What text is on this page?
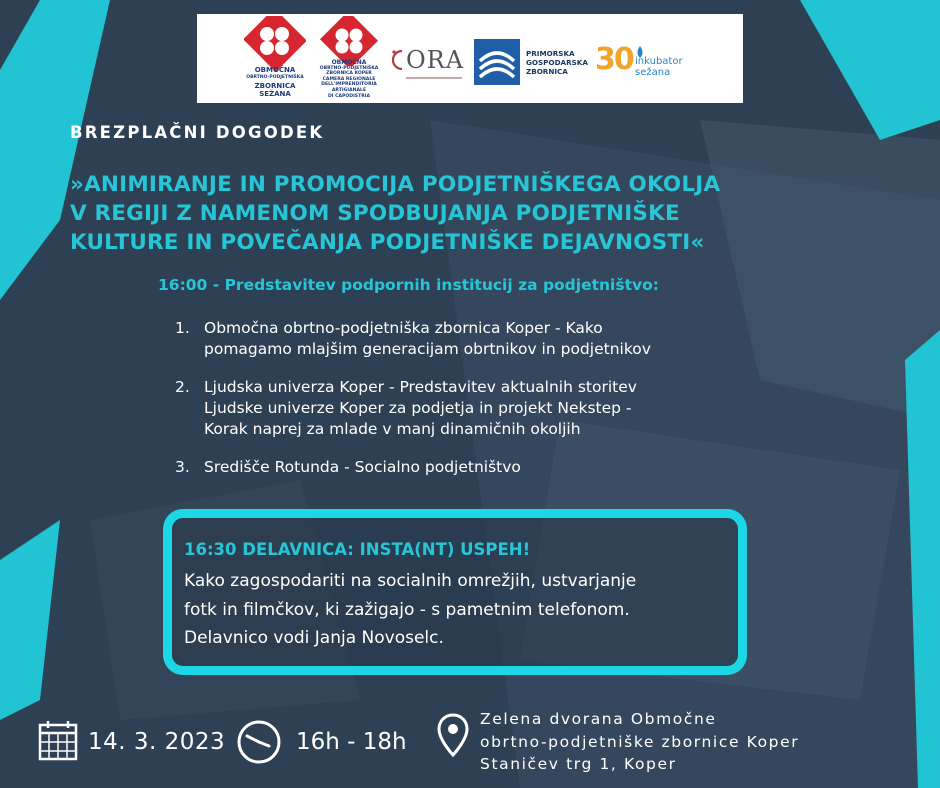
OBMOČNA
OBRTNO-PODJETNIŠKA
ZBORNICA
SEŽANA
OBMOČNA
OBRTNO-PODJETNIŠKA
ZBORNICA KOPER
CAMERA REGIONALE
DELL'IMPRENDITORIA
ARTIGIANALE
DI CAPODISTRIA
ORA	PRIMORSKA
GOSPODARSKA
ZBORNICA 30 inkubator
sežana
BREZPLAČNI DOGODEK
»ANIMIRANJE IN PROMOCIJA PODJETNIŠKEGA OKOLJA
V REGIJI Z NAMENOM SPODBUJANJA PODJETNIŠKE
KULTURE IN POVEČANJA PODJETNIŠKE DEJAVNOSTI«
16:00 - Predstavitev podpornih institucij za podjetništvo:
1. Območna obrtno-podjetniška zbornica Koper - Kako
pomagamo mlajšim generacijam obrtnikov in podjetnikov
2. Ljudska univerza Koper - Predstavitev aktualnih storitev
Ljudske univerze Koper za podjetja in projekt Nekstep -
Korak naprej za mlade v manj dinamičnih okoljih
3. Središče Rotunda - Socialno podjetništvo
16:30 DELAVNICA: INSTA(NT) USPEH!
Kako zagospodariti na socialnih omrežjih, ustvarjanje
fotk in filmčkov, ki zažigajo - s pametnim telefonom.
Delavnico vodi Janja Novoselc.
14. 3. 2023	16h - 18h
Zelena dvorana Območne
obrtno-podjetniške zbornice Koper
Staničev trg 1, Koper
